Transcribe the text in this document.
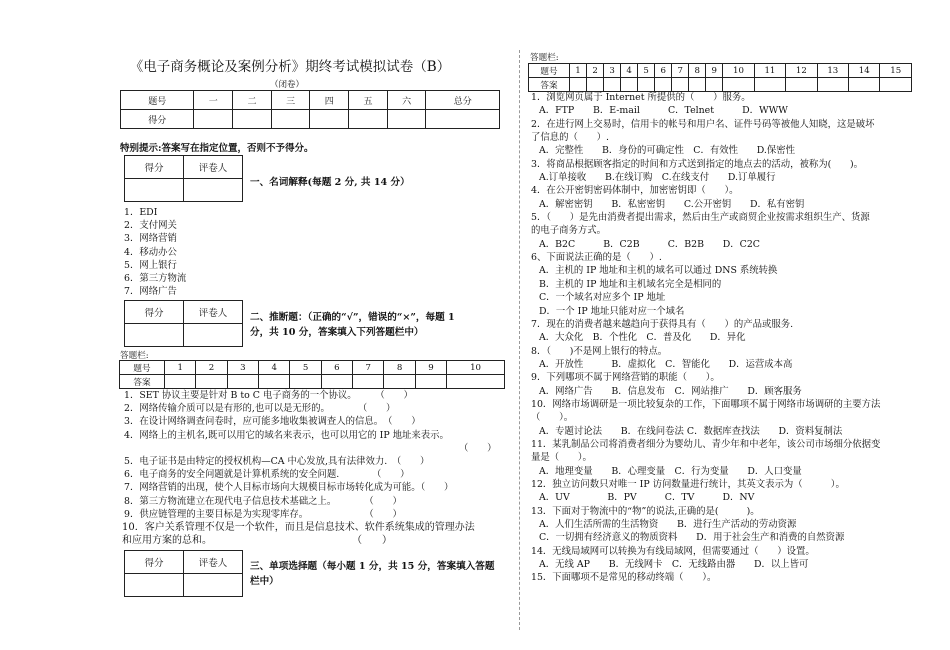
《电子商务概论及案例分析》期终考试模拟试卷（B）
（闭卷）
题号	一	二	三	四	五	六	总分
得分							
特别提示:答案写在指定位置，否则不予得分。
得分	评卷人

一、名词解释(每题 2 分, 共 14 分）
1．EDI
2．支付网关
3．网络营销
4．移动办公
5．网上银行
6．第三方物流
7．网络广告
得分	评卷人
	二、推断题：（正确的“√”，错误的“×”，每题 1
分，共 10 分，答案填入下列答题栏中）
答题栏:
题号	1	2	3	4	5	6	7	8	9	10
答案										
1．SET 协议主要是针对 B to C 电子商务的一个协议。　　　（　　）
2．网络传输介质可以是有形的,也可以是无形的。　　　　（　　）
3．在设计网络调查问卷时，应可能多地收集被调查人的信息。　（　　）
4．网络上的主机名,既可以用它的域名来表示，也可以用它的 IP 地址来表示。
（　　）
5．电子证书是由特定的授权机构—CA 中心发放,具有法律效力.　（　　）
6．电子商务的安全问题就是计算机系统的安全问题.　　　　（　　）
7．网络营销的出现，使个人目标市场向大规模目标市场转化成为可能。（　　）
8．第三方物流建立在现代电子信息技术基础之上。　　　　（　　）
9．供应链管理的主要目标是为实现零库存。　　　　　　　（　　）
10．客户关系管理不仅是一个软件，而且是信息技术、软件系统集成的管理办法
和应用方案的总和。　　　　　　　　　　　　　　　（　　）
得分	评卷人
	三、单项选择题（每小题 1 分，共 15 分，答案填入答题
栏中）
答题栏:
题号	1	2	3	4	5	6	7	8	9	10	11	12	13	14	15
答案															
1．浏览网页属于 Internet 所提供的（　　）服务。
A．FTP　　B．E-mail　　　C．Telnet　　　D．WWW
2．在进行网上交易时，信用卡的帐号和用户名、证件号码等被他人知晓，这是破坏
了信息的（　　）.
A．完整性　　B．身份的可确定性　C．有效性　　D.保密性
3．将商品根据顾客指定的时间和方式送到指定的地点去的活动，被称为(　　)。
A.订单接收　　B.在线订购　C.在线支付　　D.订单履行
4．在公开密钥密码体制中，加密密钥即（　　）。
A．解密密钥　　B．私密密钥　　C.公开密钥　　D．私有密钥
5．（　　）是先由消费者提出需求，然后由生产或商贸企业按需求组织生产、货源
的电子商务方式。
A．B2C　　　B．C2B　　　C．B2B　　D．C2C
6、下面说法正确的是（　　）.
A．主机的 IP 地址和主机的域名可以通过 DNS 系统转换
B．主机的 IP 地址和主机域名完全是相同的
C．一个域名对应多个 IP 地址
D．一个 IP 地址只能对应一个域名
7．现在的消费者越来越趋向于获得具有（　　）的产品或服务.
A．大众化　B．个性化　C．普及化　　D．异化
8．（　　)不是网上银行的特点。
A．开放性　　　B．虚拟化　C．智能化　　D．运营成本高
9．下列哪项不属于网络营销的职能（　　）。
A．网络广告　　B．信息发布　C．网站推广　　D．顾客服务
10．网络市场调研是一项比较复杂的工作，下面哪项不属于网络市场调研的主要方法
（　　）。
A．专题讨论法　　B．在线问卷法 C．数据库查找法　　D．资料复制法
11．某乳制品公司将消费者细分为婴幼儿、青少年和中老年，该公司市场细分依据变
量是（　　）。
A．地理变量　　B．心理变量　C．行为变量　　D．人口变量
12．独立访问数只对唯一 IP 访问数量进行统计，其英文表示为（　　　）。
A．UV　　　　B．PV　　　C．TV　　　D．NV
13．下面对于物流中的“物”的说法,正确的是(　　　)。
A．人们生活所需的生活物资　　B．进行生产活动的劳动资源
C．一切拥有经济意义的物质资料　　D．用于社会生产和消费的自然资源
14．无线局域网可以转换为有线局域网，但需要通过（　　）设置。
A．无线 AP　　B．无线网卡　C．无线路由器　　D．以上皆可
15．下面哪项不是常见的移动终端（　　）。
